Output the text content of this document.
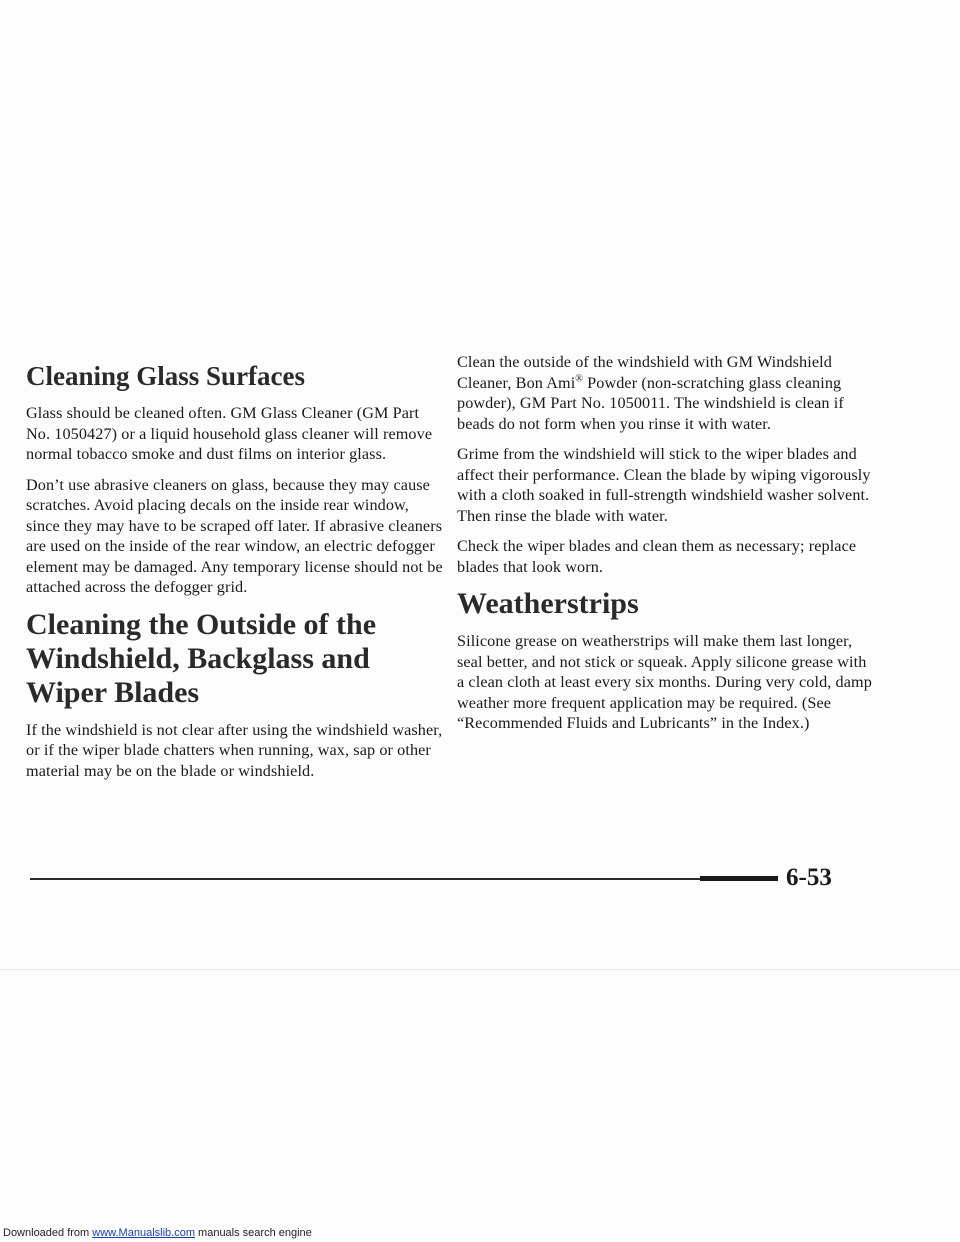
Cleaning Glass Surfaces

Glass should be cleaned often. GM Glass Cleaner (GM Part No. 1050427) or a liquid household glass cleaner will remove normal tobacco smoke and dust films on interior glass.

Don’t use abrasive cleaners on glass, because they may cause scratches. Avoid placing decals on the inside rear window, since they may have to be scraped off later. If abrasive cleaners are used on the inside of the rear window, an electric defogger element may be damaged. Any temporary license should not be attached across the defogger grid.

Cleaning the Outside of the
Windshield, Backglass and
Wiper Blades

If the windshield is not clear after using the windshield washer, or if the wiper blade chatters when running, wax, sap or other material may be on the blade or windshield.

Clean the outside of the windshield with GM Windshield Cleaner, Bon Ami® Powder (non-scratching glass cleaning powder), GM Part No. 1050011. The windshield is clean if beads do not form when you rinse it with water.

Grime from the windshield will stick to the wiper blades and affect their performance. Clean the blade by wiping vigorously with a cloth soaked in full-strength windshield washer solvent. Then rinse the blade with water.

Check the wiper blades and clean them as necessary; replace blades that look worn.

Weatherstrips

Silicone grease on weatherstrips will make them last longer, seal better, and not stick or squeak. Apply silicone grease with a clean cloth at least every six months. During very cold, damp weather more frequent application may be required. (See “Recommended Fluids and Lubricants” in the Index.)

6-53
Downloaded from www.Manualslib.com manuals search engine
